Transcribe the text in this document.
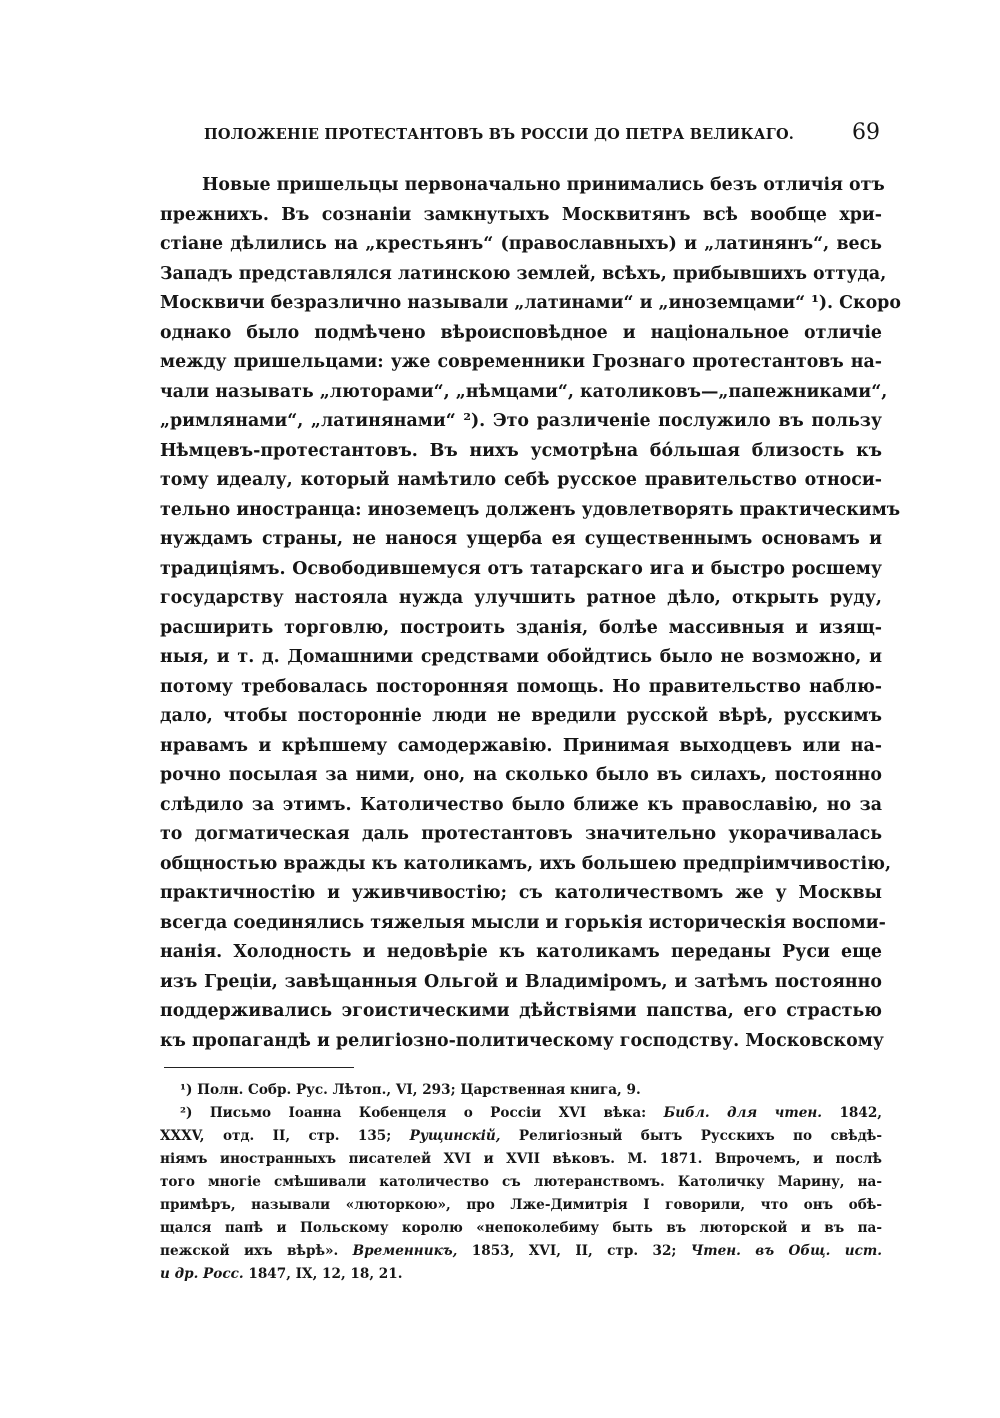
ПОЛОЖЕНІЕ ПРОТЕСТАНТОВЪ ВЪ РОССІИ ДО ПЕТРА ВЕЛИКАГО.	69
Новые пришельцы первоначально принимались безъ отличія отъ
прежнихъ. Въ сознаніи замкнутыхъ Москвитянъ всѣ вообще хри-
стіане дѣлились на „крестьянъ“ (православныхъ) и „латинянъ“, весь
Западъ представлялся латинскою землей, всѣхъ, прибывшихъ оттуда,
Москвичи безразлично называли „латинами“ и „иноземцами“ ¹). Скоро
однако было подмѣчено вѣроисповѣдное и національное отличіе
между пришельцами: уже современники Грознаго протестантовъ на-
чали называть „люторами“, „нѣмцами“, католиковъ—„папежниками“,
„римлянами“, „латинянами“ ²). Это различеніе послужило въ пользу
Нѣмцевъ-протестантовъ. Въ нихъ усмотрѣна бо́льшая близость къ
тому идеалу, который намѣтило себѣ русское правительство относи-
тельно иностранца: иноземецъ долженъ удовлетворять практическимъ
нуждамъ страны, не нанося ущерба ея существеннымъ основамъ и
традиціямъ. Освободившемуся отъ татарскаго ига и быстро росшему
государству настояла нужда улучшить ратное дѣло, открыть руду,
расширить торговлю, построить зданія, болѣе массивныя и изящ-
ныя, и т. д. Домашними средствами обойдтись было не возможно, и
потому требовалась посторонняя помощь. Но правительство наблю-
дало, чтобы посторонніе люди не вредили русской вѣрѣ, русскимъ
нравамъ и крѣпшему самодержавію. Принимая выходцевъ или на-
рочно посылая за ними, оно, на сколько было въ силахъ, постоянно
слѣдило за этимъ. Католичество было ближе къ православію, но за
то догматическая даль протестантовъ значительно укорачивалась
общностью вражды къ католикамъ, ихъ большею предпріимчивостію,
практичностію и уживчивостію; съ католичествомъ же у Москвы
всегда соединялись тяжелыя мысли и горькія историческія воспоми-
нанія. Холодность и недовѣріе къ католикамъ переданы Руси еще
изъ Греціи, завѣщанныя Ольгой и Владиміромъ, и затѣмъ постоянно
поддерживались эгоистическими дѣйствіями папства, его страстью
къ пропагандѣ и религіозно-политическому господству. Московскому
¹) Полн. Собр. Рус. Лѣтоп., VI, 293; Царственная книга, 9.
²) Письмо Іоанна Кобенцеля о Россіи XVI вѣка: Библ. для чтен. 1842,
XXXV, отд. II, стр. 135; Рущинскій, Религіозный бытъ Русскихъ по свѣдѣ-
ніямъ иностранныхъ писателей XVI и XVII вѣковъ. М. 1871. Впрочемъ, и послѣ
того многіе смѣшивали католичество съ лютеранствомъ. Католичку Марину, на-
примѣръ, называли «люторкою», про Лже-Димитрія I говорили, что онъ обѣ-
щался папѣ и Польскому королю «непоколебиму быть въ люторской и въ па-
пежской ихъ вѣрѣ». Временникъ, 1853, XVI, II, стр. 32; Чтен. въ Общ. ист.
и др. Росс. 1847, IX, 12, 18, 21.
